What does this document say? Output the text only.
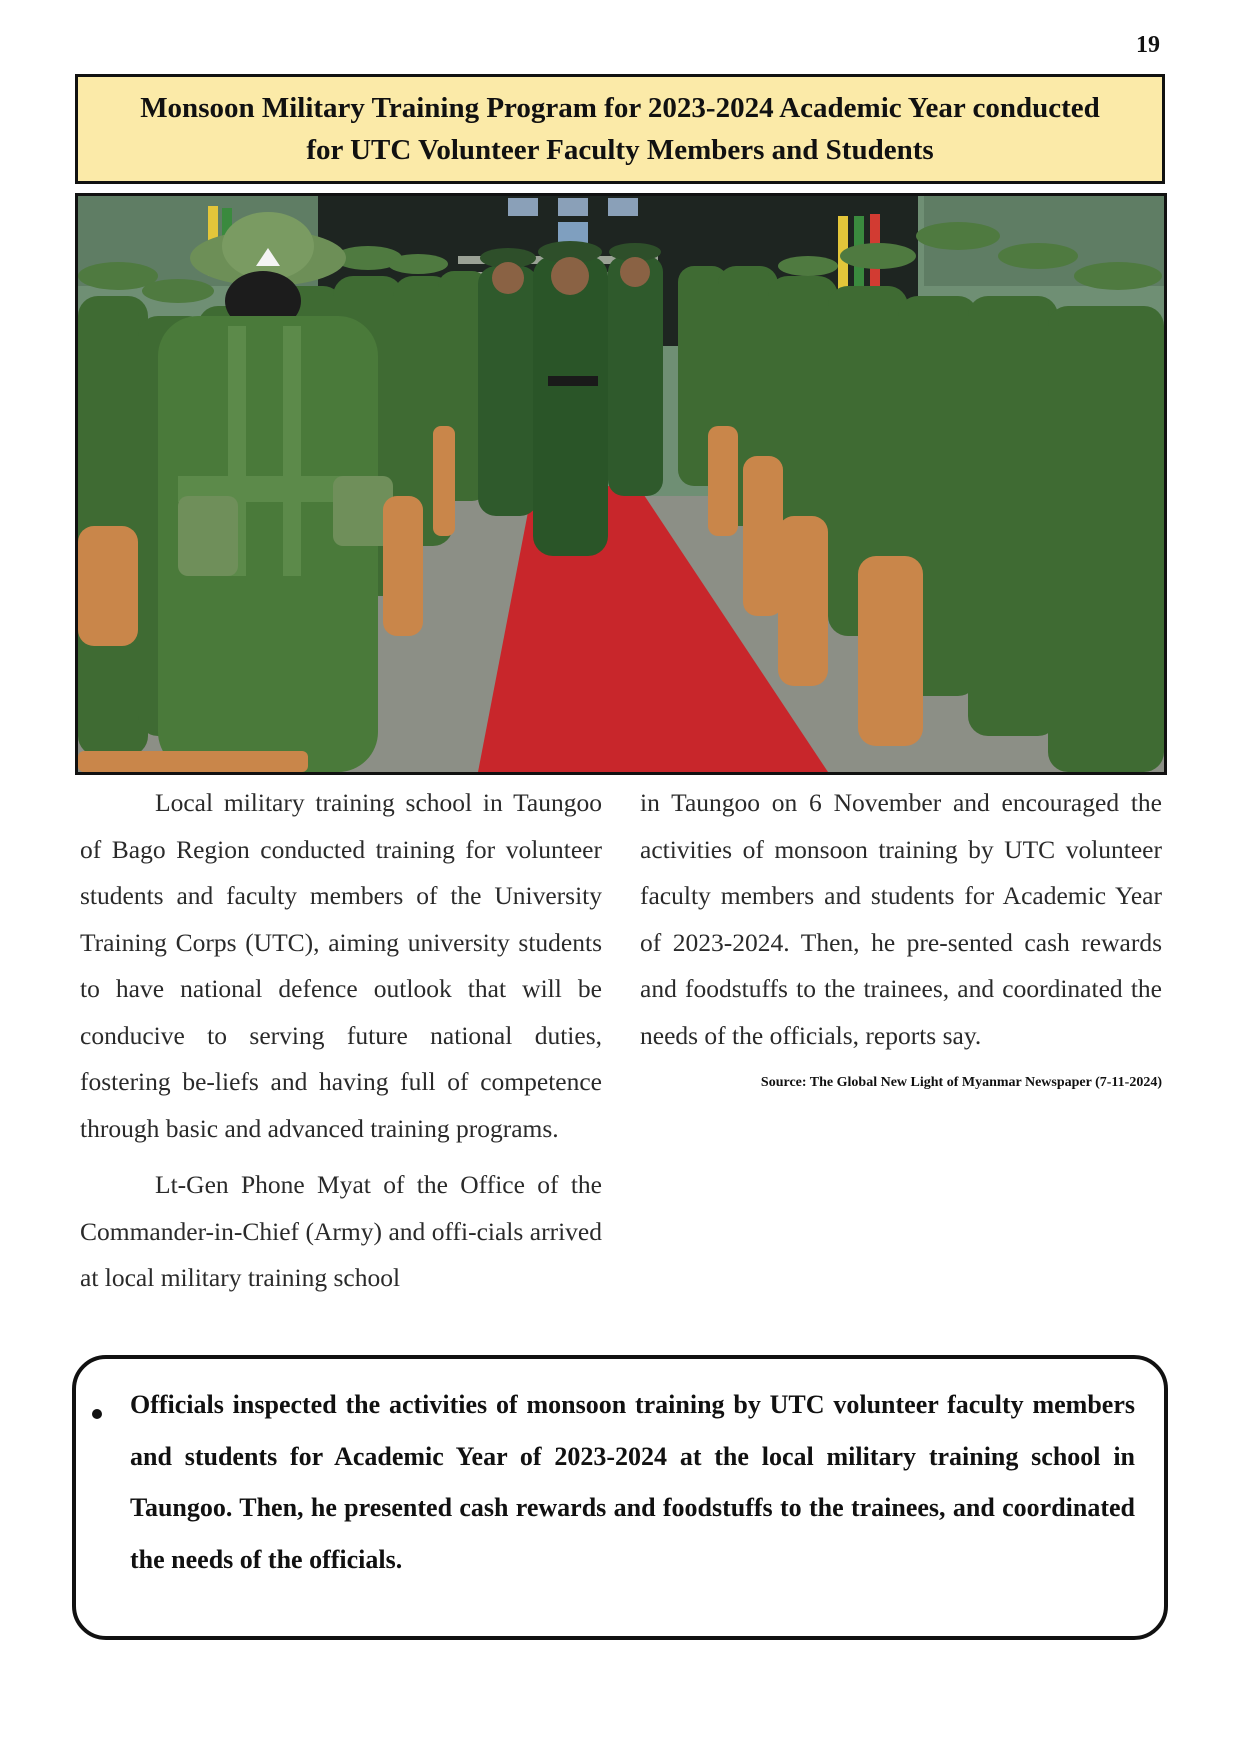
19
Monsoon Military Training Program for 2023-2024 Academic Year conducted
for UTC Volunteer Faculty Members and Students

Local military training school in Taungoo of Bago Region conducted training for volunteer students and faculty members of the University Training Corps (UTC), aiming university students to have national defence outlook that will be conducive to serving future national duties, fostering be-liefs and having full of competence through basic and advanced training programs.

Lt-Gen Phone Myat of the Office of the Commander-in-Chief (Army) and offi-cials arrived at local military training school

in Taungoo on 6 November and encouraged the activities of monsoon training by UTC volunteer faculty members and students for Academic Year of 2023-2024. Then, he pre-sented cash rewards and foodstuffs to the trainees, and coordinated the needs of the officials, reports say.

Source: The Global New Light of Myanmar Newspaper (7-11-2024)
Officials inspected the activities of monsoon training by UTC volunteer faculty members and students for Academic Year of 2023-2024 at the local military training school in Taungoo. Then, he presented cash rewards and foodstuffs to the trainees, and coordinated the needs of the officials.
